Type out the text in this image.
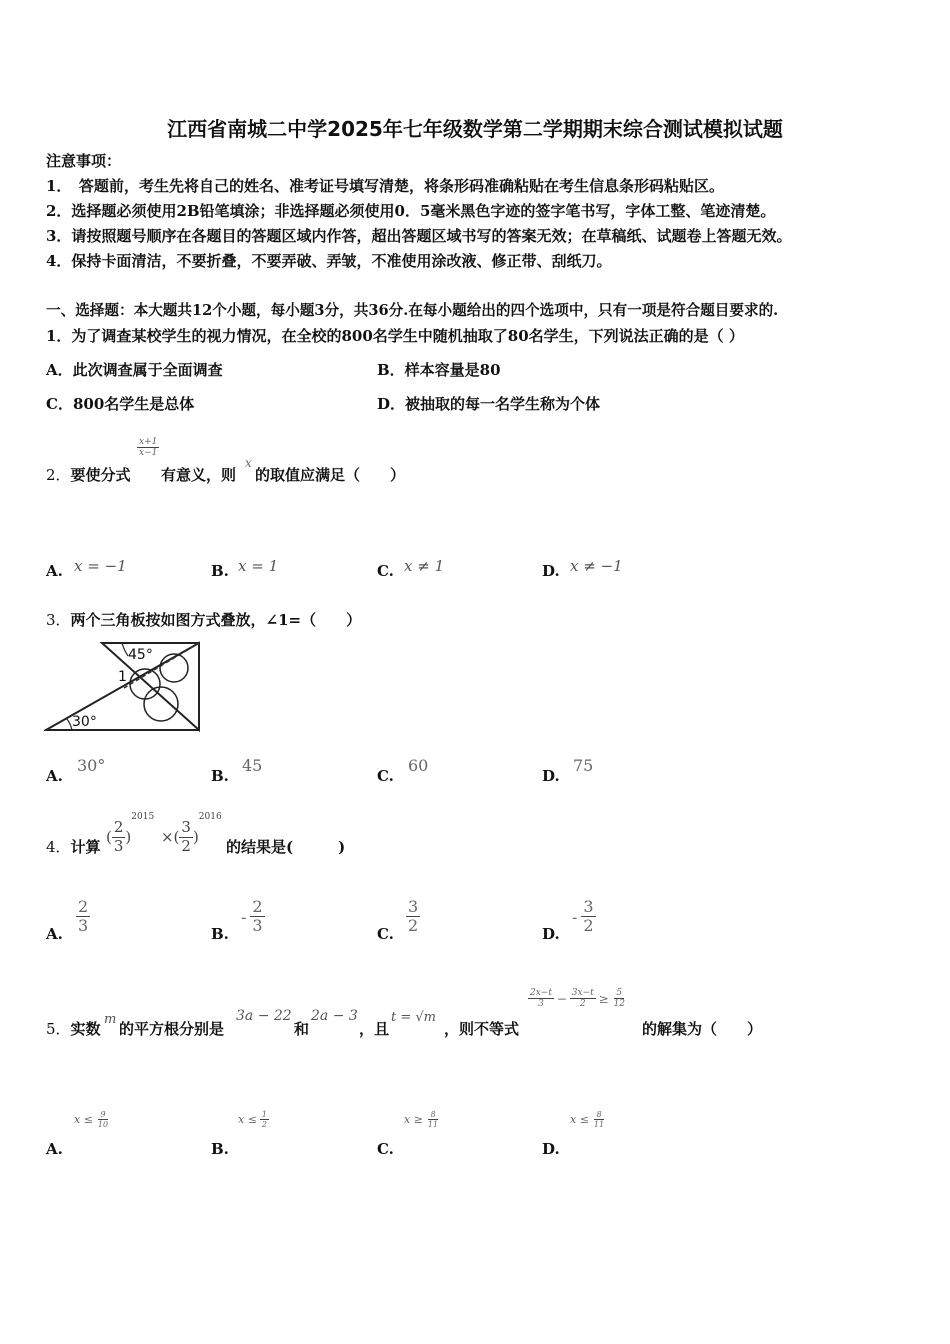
江西省南城二中学2025年七年级数学第二学期期末综合测试模拟试题
注意事项：
1．　答题前，考生先将自己的姓名、准考证号填写清楚，将条形码准确粘贴在考生信息条形码粘贴区。
2．选择题必须使用2B铅笔填涂；非选择题必须使用0．5毫米黑色字迹的签字笔书写，字体工整、笔迹清楚。
3．请按照题号顺序在各题目的答题区域内作答，超出答题区域书写的答案无效；在草稿纸、试题卷上答题无效。
4．保持卡面清洁，不要折叠，不要弄破、弄皱，不准使用涂改液、修正带、刮纸刀。
一、选择题：本大题共12个小题，每小题3分，共36分.在每小题给出的四个选项中，只有一项是符合题目要求的.
1．为了调查某校学生的视力情况，在全校的800名学生中随机抽取了80名学生，下列说法正确的是（ ）
A．此次调查属于全面调查	B．样本容量是80
C．800名学生是总体	D．被抽取的每一名学生称为个体
2．要使分式
$\frac{x+1}{x-1}$
有意义，则
x
的取值应满足（　　）
A. x = −1	B. x = 1	C. x ≠ 1	D. x ≠ −1
3．两个三角板按如图方式叠放，∠1=（　　）
45°
1
30°
A.
30°
B.
45
C.
60
D.
75
4．计算
( $\frac{2}{3} )^{2015}$ ×( $\frac{3}{2} )^{2016}$
的结果是(　　　)
A. $\frac{2}{3}$	B.
- $\frac{2}{3}$	C. $\frac{3}{2}$	D.
- $\frac{3}{2}$
5．实数
m
的平方根分别是
3a − 22
和
2a − 3
，且
t = √m
，则不等式
$\frac{2x-t}{3} - \frac{3x-t}{2} \ge \frac{5}{12}$
的解集为（　　）
A.
$x \le \frac{9}{10}$
B.
$x \le \frac{1}{2}$
C.
$x \ge \frac{8}{11}$
D.
$x \le \frac{8}{11}$
